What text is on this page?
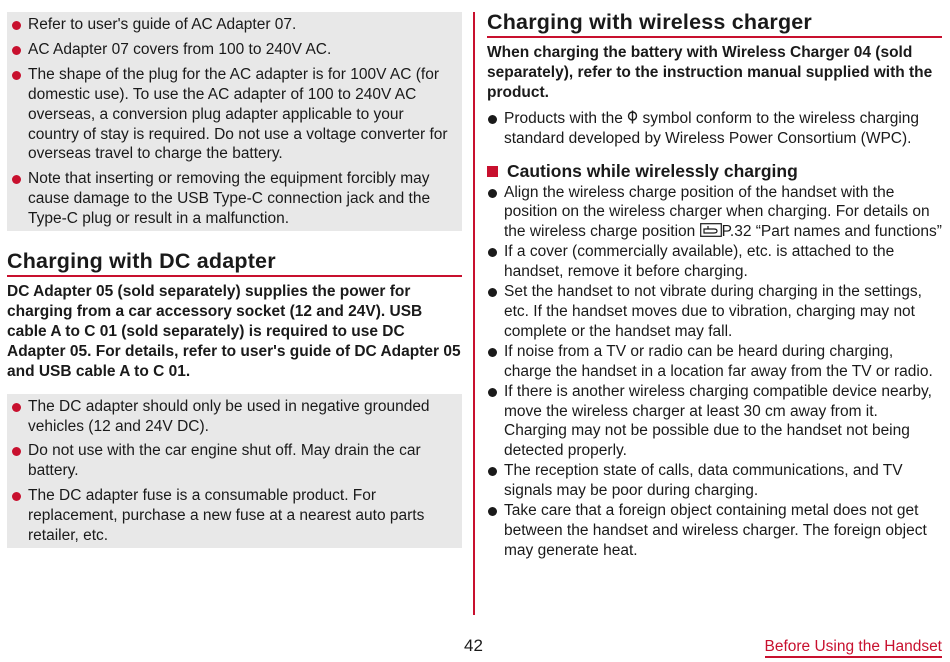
Refer to user's guide of AC Adapter 07.
AC Adapter 07 covers from 100 to 240V AC.
The shape of the plug for the AC adapter is for 100V AC (for domestic use). To use the AC adapter of 100 to 240V AC overseas, a conversion plug adapter applicable to your country of stay is required. Do not use a voltage converter for overseas travel to charge the battery.
Note that inserting or removing the equipment forcibly may cause damage to the USB Type-C connection jack and the Type-C plug or result in a malfunction.
Charging with DC adapter

DC Adapter 05 (sold separately) supplies the power for charging from a car accessory socket (12 and 24V). USB cable A to C 01 (sold separately) is required to use DC Adapter 05. For details, refer to user's guide of DC Adapter 05 and USB cable A to C 01.

The DC adapter should only be used in negative grounded vehicles (12 and 24V DC).
Do not use with the car engine shut off. May drain the car battery.
The DC adapter fuse is a consumable product. For replacement, purchase a new fuse at a nearest auto parts retailer, etc.
Charging with wireless charger

When charging the battery with Wireless Charger 04 (sold separately), refer to the instruction manual supplied with the product.

Products with the  symbol conform to the wireless charging standard developed by Wireless Power Consortium (WPC).
Cautions while wirelessly charging
Align the wireless charge position of the handset with the position on the wireless charger when charging. For details on the wireless charge position P.32 “Part names and functions”
If a cover (commercially available), etc. is attached to the handset, remove it before charging.
Set the handset to not vibrate during charging in the settings, etc. If the handset moves due to vibration, charging may not complete or the handset may fall.
If noise from a TV or radio can be heard during charging, charge the handset in a location far away from the TV or radio.
If there is another wireless charging compatible device nearby, move the wireless charger at least 30 cm away from it. Charging may not be possible due to the handset not being detected properly.
The reception state of calls, data communications, and TV signals may be poor during charging.
Take care that a foreign object containing metal does not get between the handset and wireless charger. The foreign object may generate heat.
42	Before Using the Handset
